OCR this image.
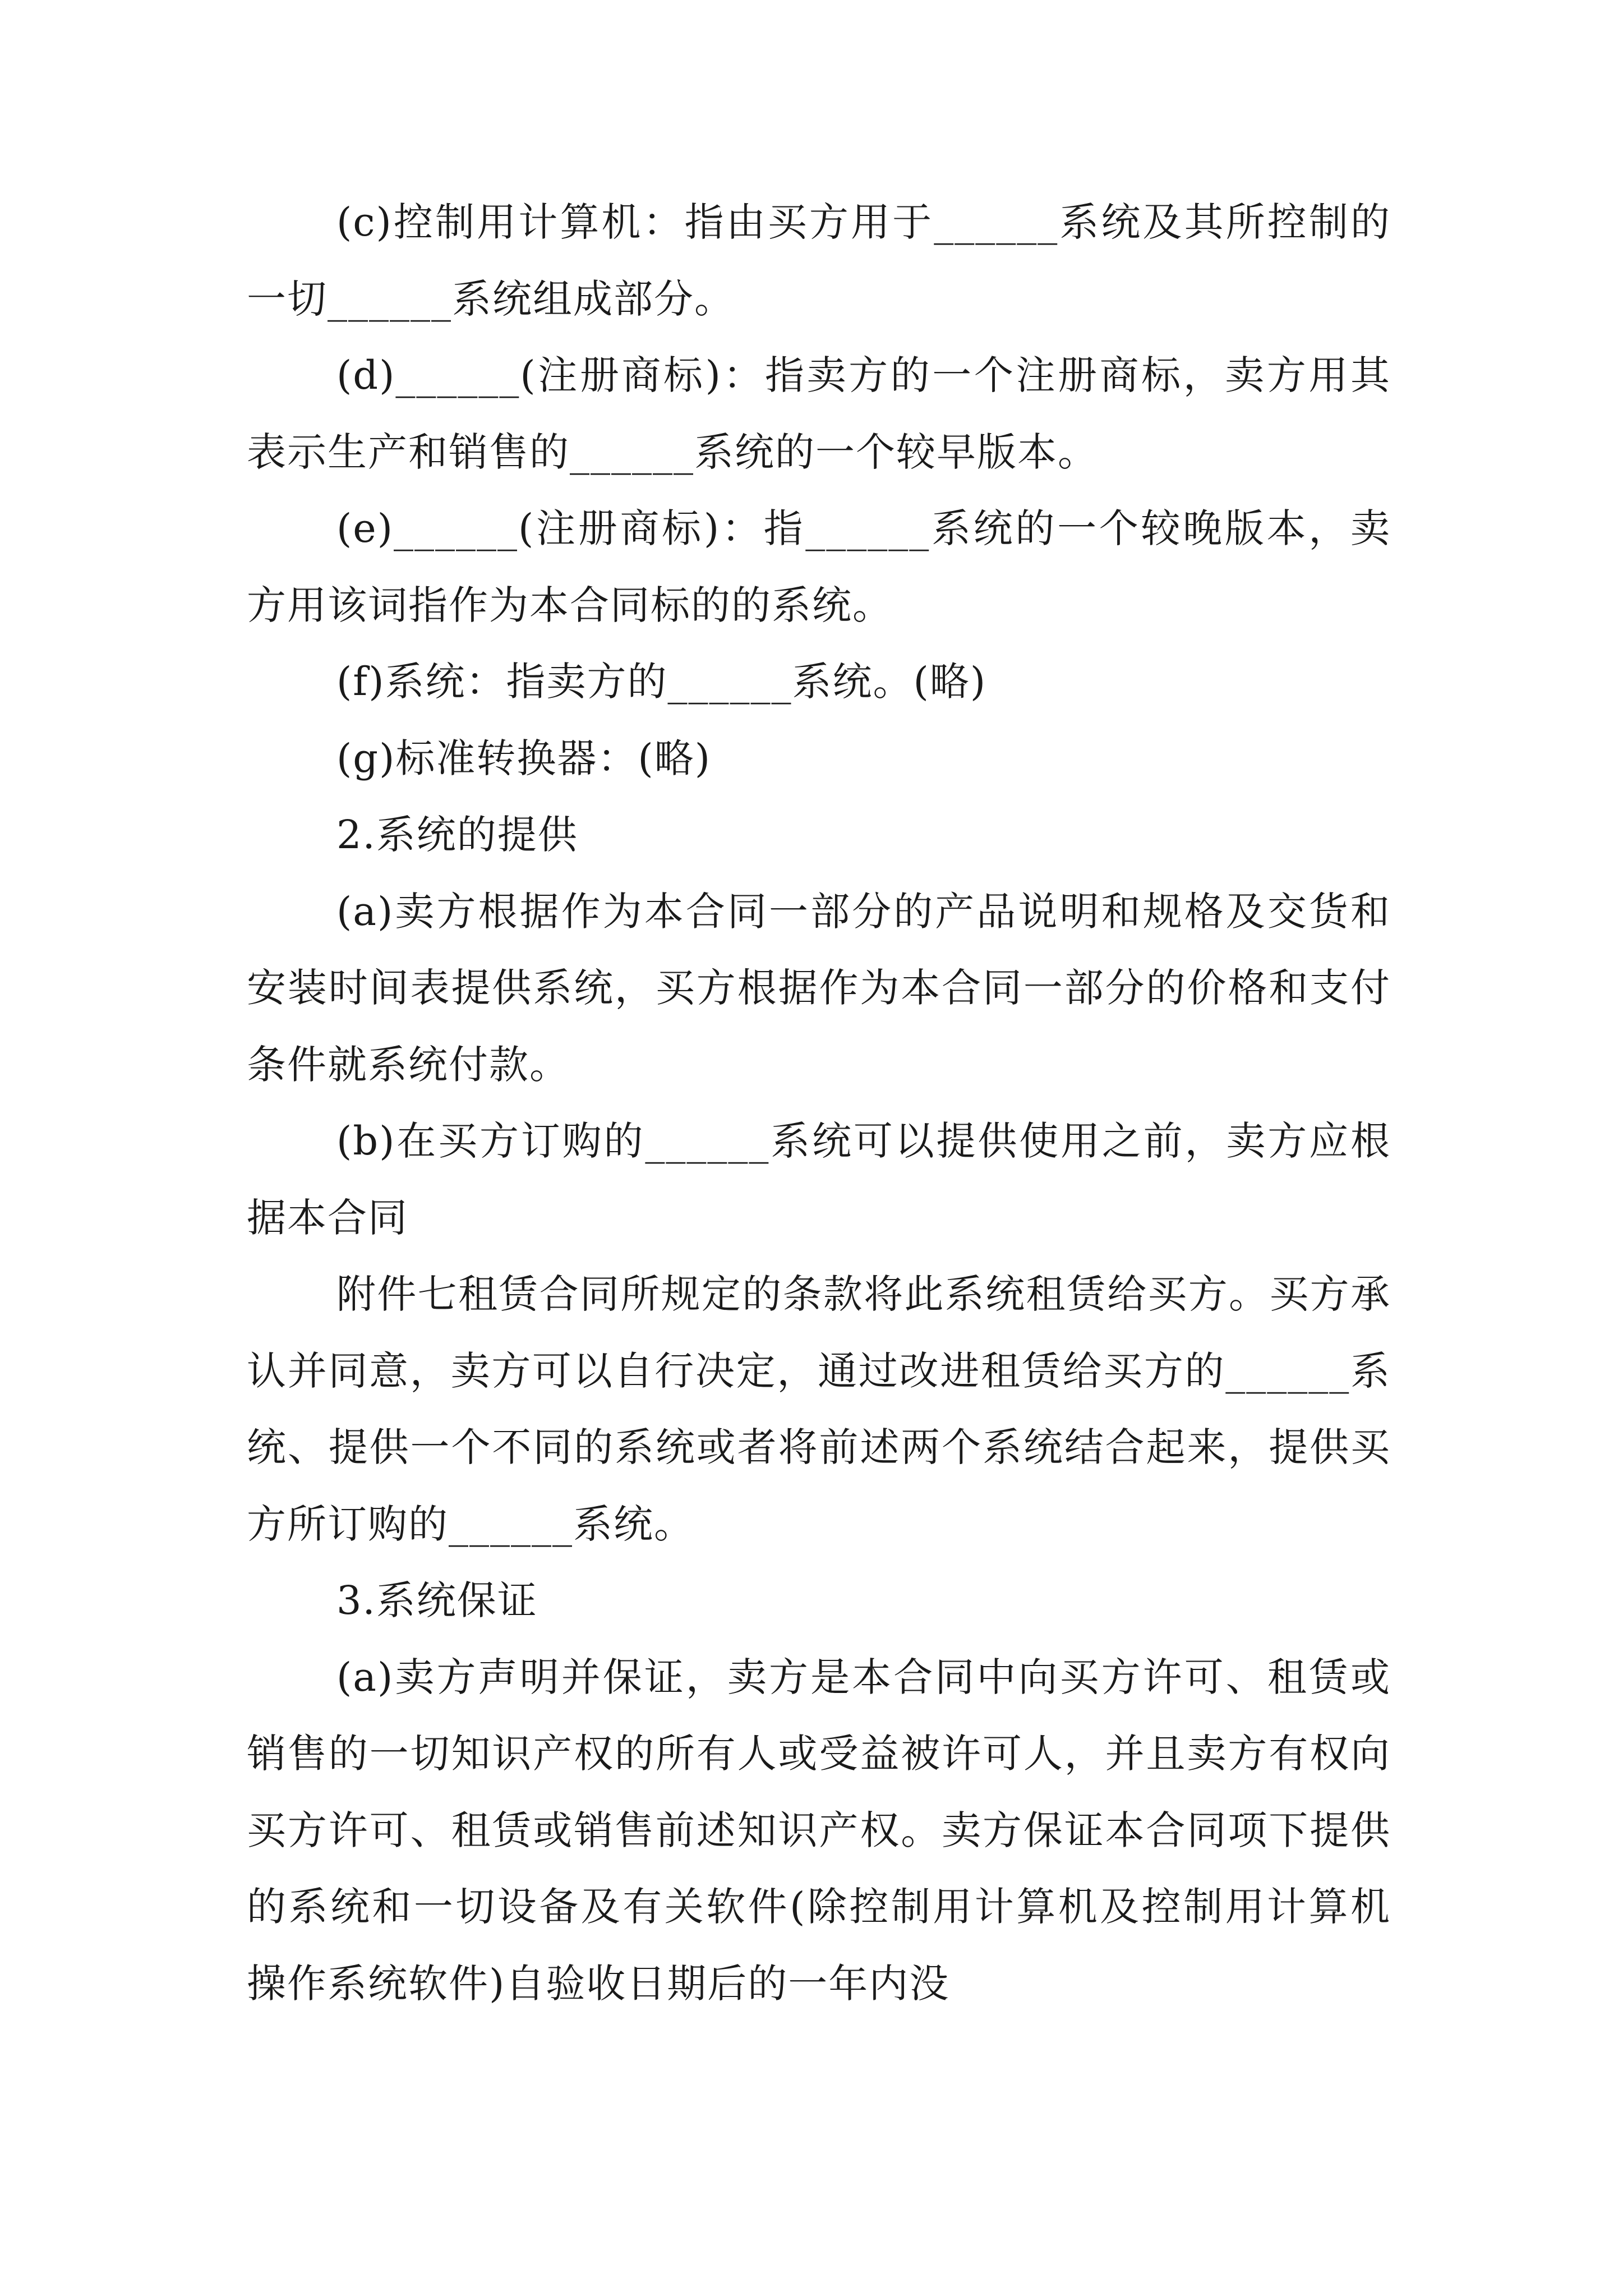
(c)控制用计算机：指由买方用于______系统及其所控制的一切______系统组成部分。

(d)______(注册商标)：指卖方的一个注册商标，卖方用其表示生产和销售的______系统的一个较早版本。

(e)______(注册商标)：指______系统的一个较晚版本，卖方用该词指作为本合同标的的系统。

(f)系统：指卖方的______系统。(略)

(g)标准转换器：(略)

2.系统的提供

(a)卖方根据作为本合同一部分的产品说明和规格及交货和安装时间表提供系统，买方根据作为本合同一部分的价格和支付条件就系统付款。

(b)在买方订购的______系统可以提供使用之前，卖方应根据本合同

附件七租赁合同所规定的条款将此系统租赁给买方。买方承认并同意，卖方可以自行决定，通过改进租赁给买方的______系统、提供一个不同的系统或者将前述两个系统结合起来，提供买方所订购的______系统。

3.系统保证

(a)卖方声明并保证，卖方是本合同中向买方许可、租赁或销售的一切知识产权的所有人或受益被许可人，并且卖方有权向买方许可、租赁或销售前述知识产权。卖方保证本合同项下提供的系统和一切设备及有关软件(除控制用计算机及控制用计算机操作系统软件)自验收日期后的一年内没
